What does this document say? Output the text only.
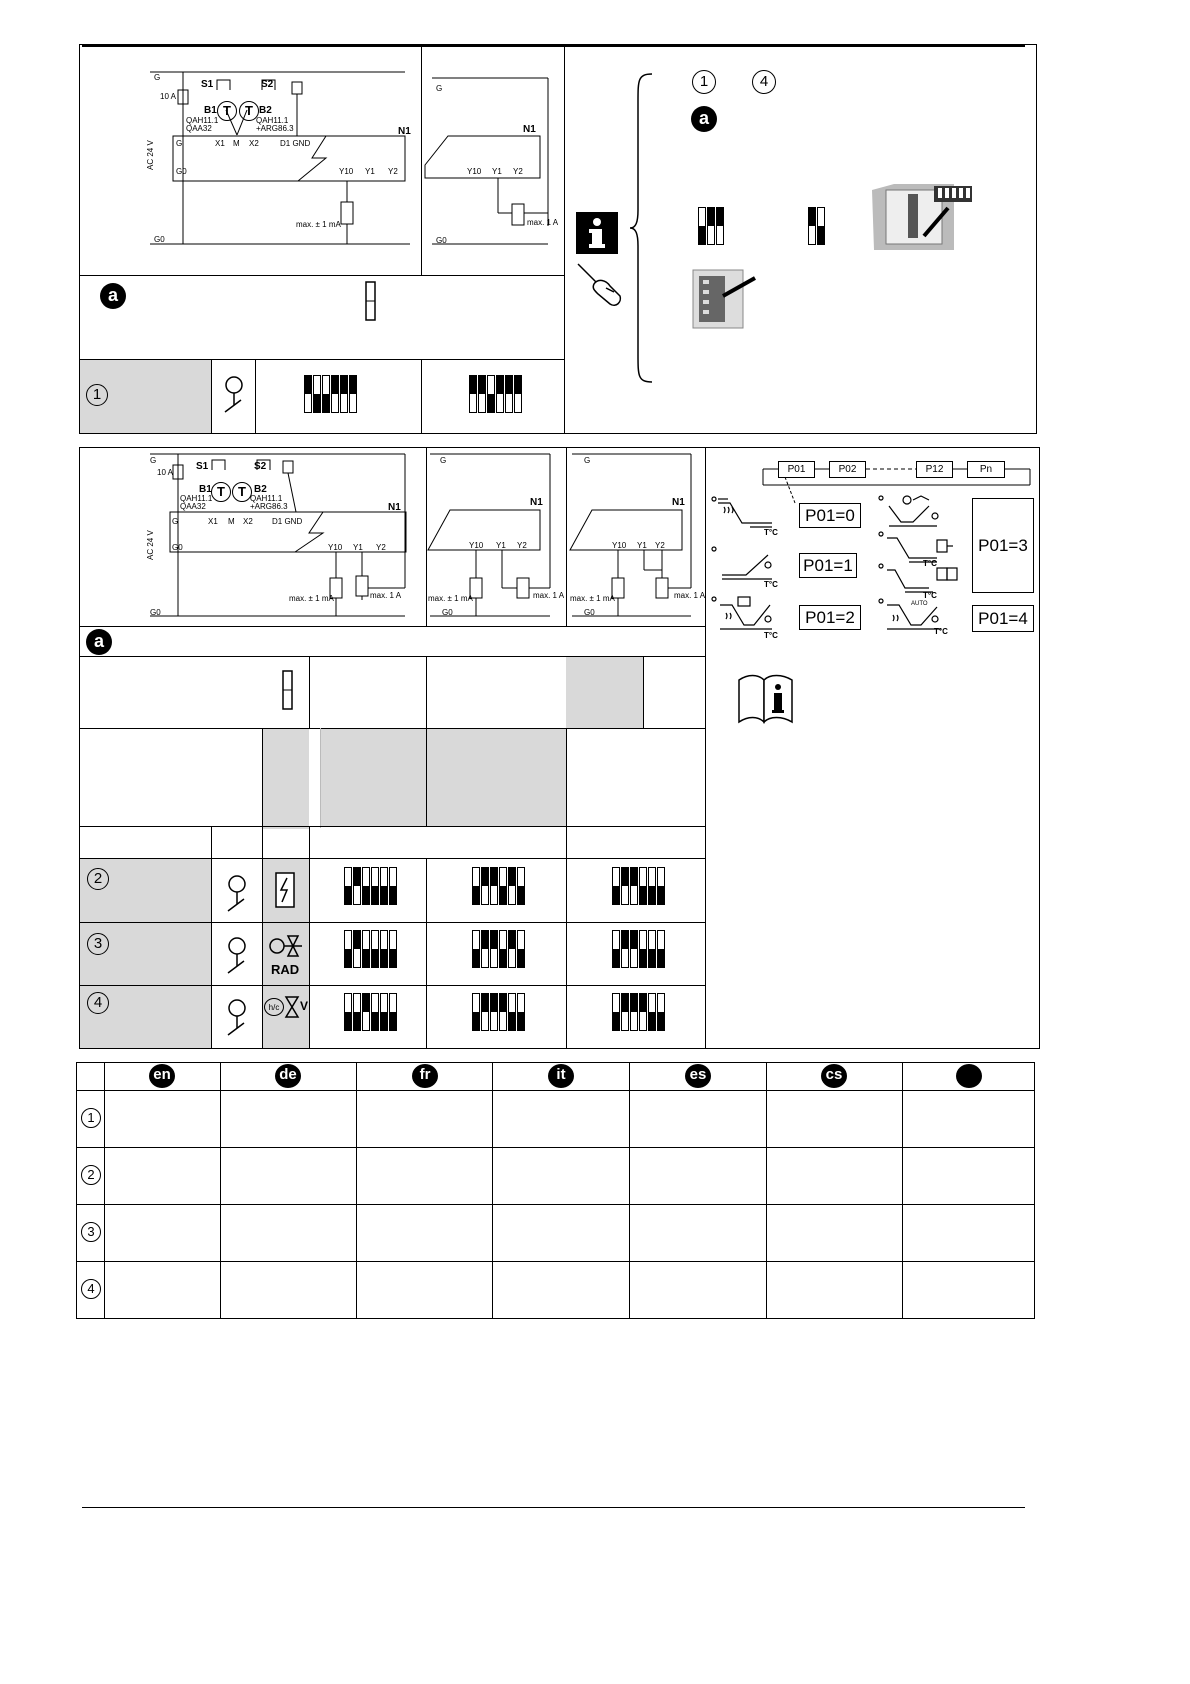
G
10 A
S1	S2
B1 T	T B2
QAH11.1
QAA32
QAH11.1
+ARG86.3
G	X1 M X2	D1 GND
N1
AC 24 V
G0	Y10 Y1 Y2
max. ± 1 mA
G0
G
N1
Y10 Y1 Y2
max. 1 A
G0
a
1
1	4
a
G
10 A
S1	S2
B1 T	T B2
QAH11.1
QAA32
QAH11.1
+ARG86.3
G	X1 M X2 D1 GND
N1
AC 24 V G0	Y10 Y1 Y2
max. ± 1 mA	max. 1 A
G0
G
N1
Y10 Y1 Y2
max. ± 1 mA	max. 1 A
G0
G
N1
Y10 Y1 Y2
max. ± 1 mA	max. 1 A
G0
a
2
3
RAD
4	h/c	V
P01	P02	P12	Pn
P01=0
P01=1
P01=2
P01=3
P01=4
T°C
T°C
T°C
T°C
T°C
AUTO
T°C
en	de	fr	it	es	cs
1
2
3
4
